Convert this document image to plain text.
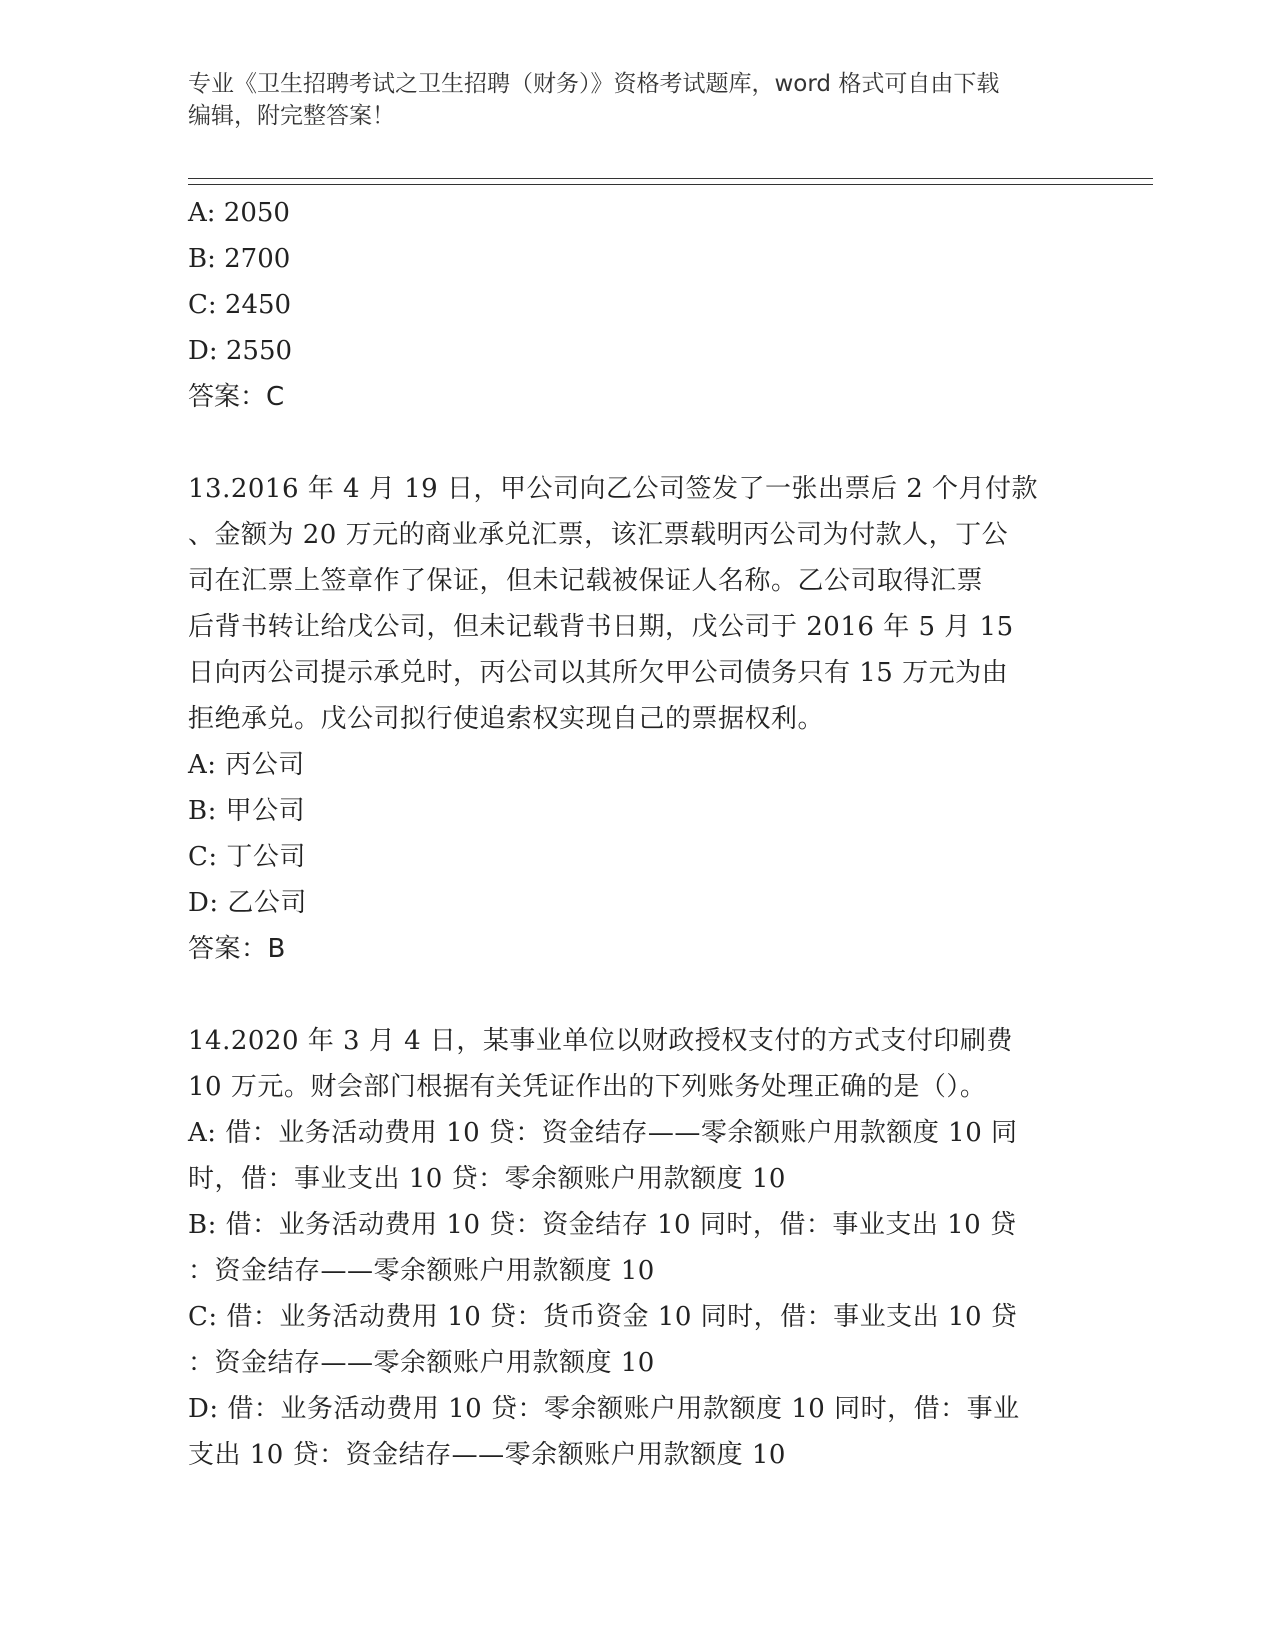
专业《卫生招聘考试之卫生招聘（财务）》资格考试题库，word 格式可自由下载
编辑，附完整答案！
A: 2050
B: 2700
C: 2450
D: 2550
答案：C
13.2016 年 4 月 19 日，甲公司向乙公司签发了一张出票后 2 个月付款
、金额为 20 万元的商业承兑汇票，该汇票载明丙公司为付款人，丁公
司在汇票上签章作了保证，但未记载被保证人名称。乙公司取得汇票
后背书转让给戊公司，但未记载背书日期，戊公司于 2016 年 5 月 15
日向丙公司提示承兑时，丙公司以其所欠甲公司债务只有 15 万元为由
拒绝承兑。戊公司拟行使追索权实现自己的票据权利。
A: 丙公司
B: 甲公司
C: 丁公司
D: 乙公司
答案：B
14.2020 年 3 月 4 日，某事业单位以财政授权支付的方式支付印刷费
10 万元。财会部门根据有关凭证作出的下列账务处理正确的是（）。
A: 借：业务活动费用 10 贷：资金结存——零余额账户用款额度 10 同
时，借：事业支出 10 贷：零余额账户用款额度 10
B: 借：业务活动费用 10 贷：资金结存 10 同时，借：事业支出 10 贷
：资金结存——零余额账户用款额度 10
C: 借：业务活动费用 10 贷：货币资金 10 同时，借：事业支出 10 贷
：资金结存——零余额账户用款额度 10
D: 借：业务活动费用 10 贷：零余额账户用款额度 10 同时，借：事业
支出 10 贷：资金结存——零余额账户用款额度 10
